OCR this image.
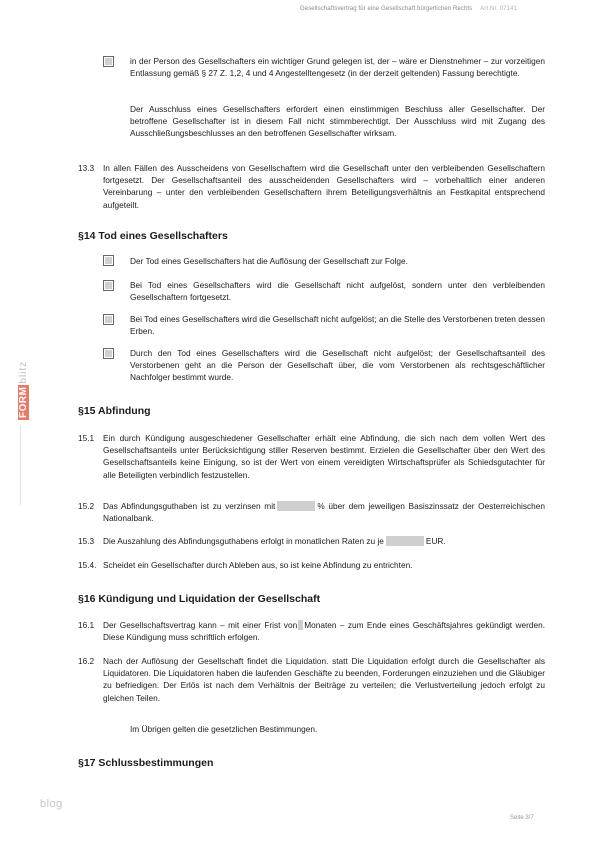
Gesellschaftsvertrag für eine Gesellschaft bürgerlichen Rechts Art.Nr. 07141
FORMblitz

in der Person des Gesellschafters ein wichtiger Grund gelegen ist, der – wäre er Dienstnehmer – zur vorzeitigen Entlassung gemäß § 27 Z. 1,2, 4 und 4 Angestelltengesetz (in der derzeit geltenden) Fassung berechtigte.

Der Ausschluss eines Gesellschafters erfordert einen einstimmigen Beschluss aller Gesellschafter. Der betroffene Gesellschafter ist in diesem Fall nicht stimmberechtigt. Der Ausschluss wird mit Zugang des Ausschließungsbeschlusses an den betroffenen Gesellschafter wirksam.

13.3 In allen Fällen des Ausscheidens von Gesellschaftern wird die Gesellschaft unter den verbleibenden Gesellschaftern fortgesetzt. Der Gesellschaftsanteil des ausscheidenden Gesellschafters wird – vorbehaltlich einer anderen Vereinbarung – unter den verbleibenden Gesellschaftern ihrem Beteiligungsverhältnis an Festkapital entsprechend aufgeteilt.

§14 Tod eines Gesellschafters

Der Tod eines Gesellschafters hat die Auflösung der Gesellschaft zur Folge.

Bei Tod eines Gesellschafters wird die Gesellschaft nicht aufgelöst, sondern unter den verbleibenden Gesellschaftern fortgesetzt.

Bei Tod eines Gesellschafters wird die Gesellschaft nicht aufgelöst; an die Stelle des Verstorbenen treten dessen Erben.

Durch den Tod eines Gesellschafters wird die Gesellschaft nicht aufgelöst; der Gesellschaftsanteil des Verstorbenen geht an die Person der Gesellschaft über, die vom Verstorbenen als rechtsgeschäftlicher Nachfolger bestimmt wurde.

§15 Abfindung
15.1 Ein durch Kündigung ausgeschiedener Gesellschafter erhält eine Abfindung, die sich nach dem vollen Wert des Gesellschaftsanteils unter Berücksichtigung stiller Reserven bestimmt. Erzielen die Gesellschafter über den Wert des Gesellschaftsanteils keine Einigung, so ist der Wert von einem vereidigten Wirtschaftsprüfer als Schiedsgutachter für alle Beteiligten verbindlich festzustellen.

15.2 Das Abfindungsguthaben ist zu verzinsen mit	% über dem jeweiligen Basiszinssatz der Oesterreichischen Nationalbank.

15.3 Die Auszahlung des Abfindungsguthabens erfolgt in monatlichen Raten zu je	EUR.

15.4. Scheidet ein Gesellschafter durch Ableben aus, so ist keine Abfindung zu entrichten.

§16 Kündigung und Liquidation der Gesellschaft
16.1 Der Gesellschaftsvertrag kann – mit einer Frist von Monaten – zum Ende eines Geschäftsjahres gekündigt werden. Diese Kündigung muss schriftlich erfolgen.

16.2 Nach der Auflösung der Gesellschaft findet die Liquidation. statt Die Liquidation erfolgt durch die Gesellschafter als Liquidatoren. Die Liquidatoren haben die laufenden Geschäfte zu beenden, Forderungen einzuziehen und die Gläubiger zu befriedigen. Der Erlös ist nach dem Verhältnis der Beiträge zu verteilen; die Verlustverteilung jedoch erfolgt zu gleichen Teilen.

Im Übrigen gelten die gesetzlichen Bestimmungen.

§17 Schlussbestimmungen
blog
Seite 3/7
